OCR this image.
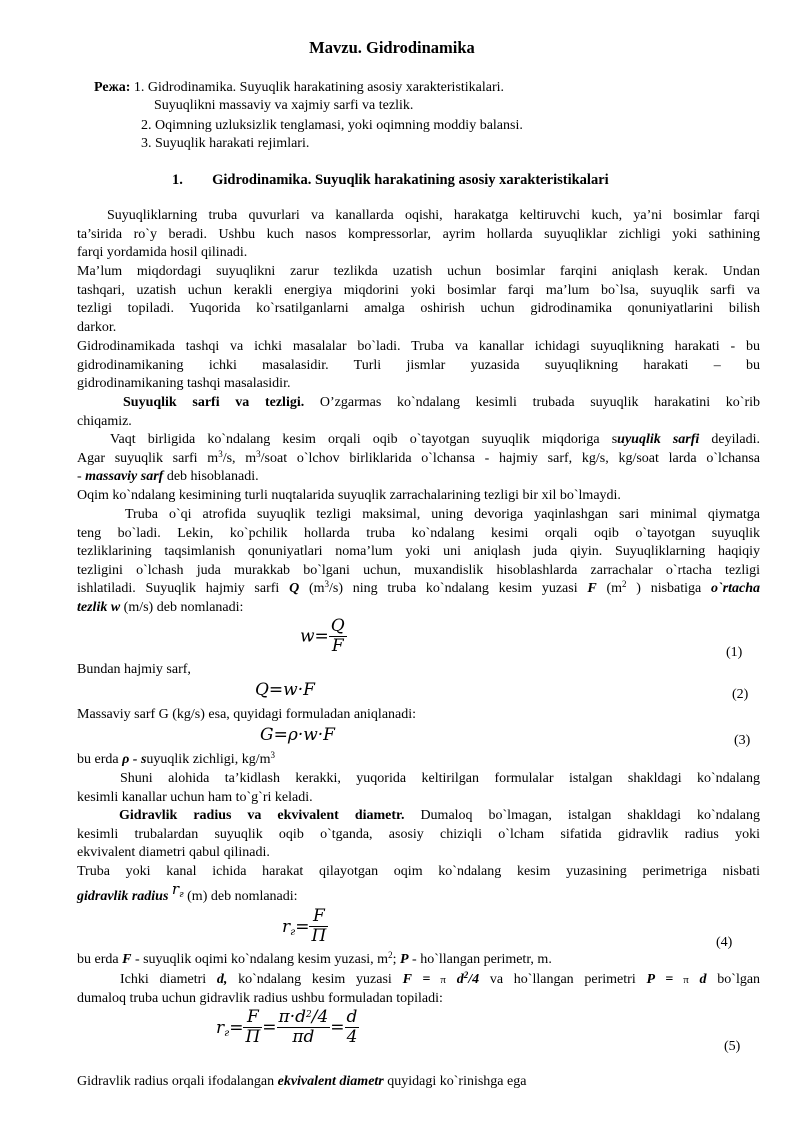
Mavzu. Gidrodinamika
Режа: 1. Gidrodinamika. Suyuqlik harakatining asosiy xarakteristikalari.
Suyuqlikni massaviy va xajmiy sarfi va tezlik.
2. Oqimning uzluksizlik tenglamasi, yoki oqimning moddiy balansi.
3. Suyuqlik harakati rejimlari.
1. Gidrodinamika. Suyuqlik harakatining asosiy xarakteristikalari
Suyuqliklarning truba quvurlari va kanallarda oqishi, harakatga keltiruvchi kuch, ya’ni bosimlar farqi
ta’sirida ro`y beradi. Ushbu kuch nasos kompressorlar, ayrim hollarda suyuqliklar zichligi yoki sathining
farqi yordamida hosil qilinadi.
Ma’lum miqdordagi suyuqlikni zarur tezlikda uzatish uchun bosimlar farqini aniqlash kerak. Undan
tashqari, uzatish uchun kerakli energiya miqdorini yoki bosimlar farqi ma’lum bo`lsa, suyuqlik sarfi va
tezligi topiladi. Yuqorida ko`rsatilganlarni amalga oshirish uchun gidrodinamika qonuniyatlarini bilish
darkor.
Gidrodinamikada tashqi va ichki masalalar bo`ladi. Truba va kanallar ichidagi suyuqlikning harakati - bu
gidrodinamikaning ichki masalasidir. Turli jismlar yuzasida suyuqlikning harakati – bu
gidrodinamikaning tashqi masalasidir.
Suyuqlik sarfi va tezligi. O’zgarmas ko`ndalang kesimli trubada suyuqlik harakatini ko`rib
chiqamiz.
Vaqt birligida ko`ndalang kesim orqali oqib o`tayotgan suyuqlik miqdoriga suyuqlik sarfi deyiladi.
Agar suyuqlik sarfi $m^3/s$, $m^3$/soat o`lchov birliklarida o`lchansa - hajmiy sarf, kg/s, kg/soat larda o`lchansa
- massaviy sarf deb hisoblanadi.
Oqim ko`ndalang kesimining turli nuqtalarida suyuqlik zarrachalarining tezligi bir xil bo`lmaydi.
Truba o`qi atrofida suyuqlik tezligi maksimal, uning devoriga yaqinlashgan sari minimal qiymatga
teng bo`ladi. Lekin, ko`pchilik hollarda truba ko`ndalang kesimi orqali oqib o`tayotgan suyuqlik
tezliklarining taqsimlanish qonuniyatlari noma’lum yoki uni aniqlash juda qiyin. Suyuqliklarning haqiqiy
tezligini o`lchash juda murakkab bo`lgani uchun, muxandislik hisoblashlarda zarrachalar o`rtacha tezligi
ishlatiladi. Suyuqlik hajmiy sarfi Q $(m^3/s)$ ning truba ko`ndalang kesim yuzasi F ($m^2$ ) nisbatiga o`rtacha
tezlik w (m/s) deb nomlanadi:
$w= \frac{Q}{F}$	(1)
Bundan hajmiy sarf,
Q=w·F	(2)
Massaviy sarf G (kg/s) esa, quyidagi formuladan aniqlanadi:
G=ρ·w·F	(3)
bu erda ρ - suyuqlik zichligi, $kg/m^3$
Shuni alohida ta’kidlash kerakki, yuqorida keltirilgan formulalar istalgan shakldagi ko`ndalang
kesimli kanallar uchun ham to`g`ri keladi.
Gidravlik radius va ekvivalent diametr. Dumaloq bo`lmagan, istalgan shakldagi ko`ndalang
kesimli trubalardan suyuqlik oqib o`tganda, asosiy chiziqli o`lcham sifatida gidravlik radius yoki
ekvivalent diametri qabul qilinadi.
Truba yoki kanal ichida harakat qilayotgan oqim ko`ndalang kesim yuzasining perimetriga nisbati
gidravlik radius $r_г$ (m) deb nomlanadi:
$r_г= \frac{F}{П}$	(4)
bu erda F - suyuqlik oqimi ko`ndalang kesim yuzasi, $m^2$; P - ho`llangan perimetr, m.
Ichki diametri d, ko`ndalang kesim yuzasi F = π $d^2/4$ va ho`llangan perimetri P = π d bo`lgan
dumaloq truba uchun gidravlik radius ushbu formuladan topiladi:
$r_г= \frac{F}{П} = \frac{\pi\cdot d^2/4}{\pi d} = \frac{d}{4}$	(5)
Gidravlik radius orqali ifodalangan ekvivalent diametr quyidagi ko`rinishga ega
